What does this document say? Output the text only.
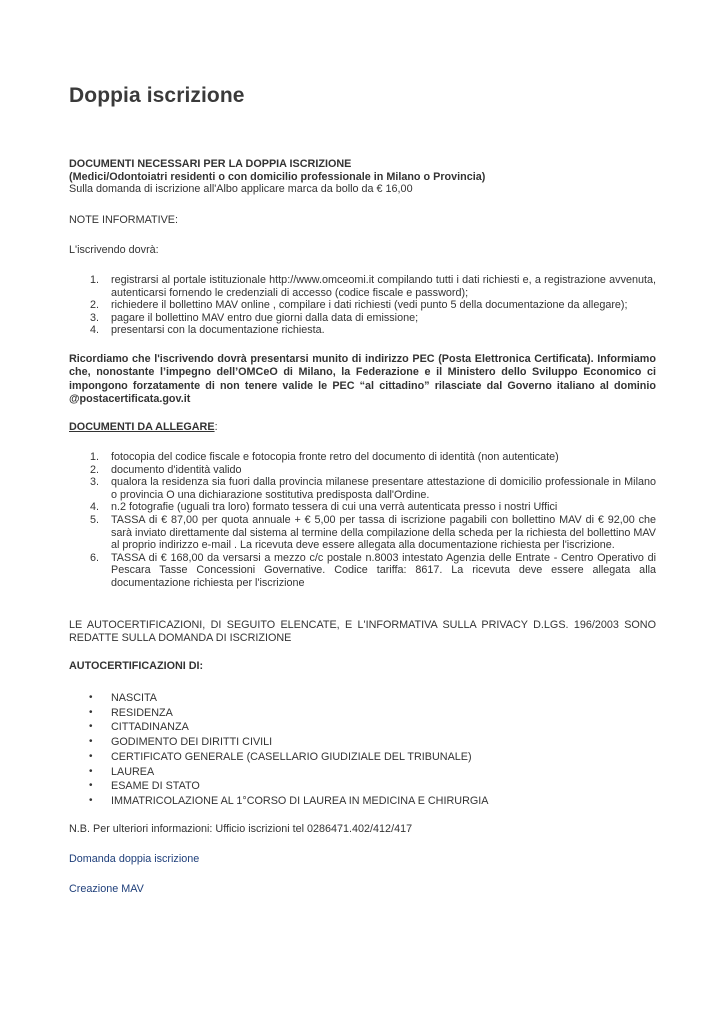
Doppia iscrizione

DOCUMENTI NECESSARI PER LA DOPPIA ISCRIZIONE

(Medici/Odontoiatri residenti o con domicilio professionale in Milano o Provincia)

Sulla domanda di iscrizione all'Albo applicare marca da bollo da € 16,00

NOTE INFORMATIVE:

L'iscrivendo dovrà:

1. registrarsi al portale istituzionale http://www.omceomi.it compilando tutti i dati richiesti e, a registrazione avvenuta, autenticarsi fornendo le credenziali di accesso (codice fiscale e password);
2. richiedere il bollettino MAV online , compilare i dati richiesti (vedi punto 5 della documentazione da allegare);
3. pagare il bollettino MAV entro due giorni dalla data di emissione;
4. presentarsi con la documentazione richiesta.

Ricordiamo che l'iscrivendo dovrà presentarsi munito di indirizzo PEC (Posta Elettronica Certificata). Informiamo che, nonostante l’impegno dell’OMCeO di Milano, la Federazione e il Ministero dello Sviluppo Economico ci impongono forzatamente di non tenere valide le PEC “al cittadino” rilasciate dal Governo italiano al dominio @postacertificata.gov.it

DOCUMENTI DA ALLEGARE:

1. fotocopia del codice fiscale e fotocopia fronte retro del documento di identità (non autenticate)
2. documento d'identità valido
3. qualora la residenza sia fuori dalla provincia milanese presentare attestazione di domicilio professionale in Milano o provincia O una dichiarazione sostitutiva predisposta dall'Ordine.
4. n.2 fotografie (uguali tra loro) formato tessera di cui una verrà autenticata presso i nostri Uffici
5. TASSA di € 87,00 per quota annuale + € 5,00 per tassa di iscrizione pagabili con bollettino MAV di € 92,00 che sarà inviato direttamente dal sistema al termine della compilazione della scheda per la richiesta del bollettino MAV al proprio indirizzo e-mail . La ricevuta deve essere allegata alla documentazione richiesta per l'iscrizione.
6. TASSA di € 168,00 da versarsi a mezzo c/c postale n.8003 intestato Agenzia delle Entrate - Centro Operativo di Pescara Tasse Concessioni Governative. Codice tariffa: 8617. La ricevuta deve essere allegata alla documentazione richiesta per l'iscrizione

LE AUTOCERTIFICAZIONI, DI SEGUITO ELENCATE, E L'INFORMATIVA SULLA PRIVACY D.LGS. 196/2003 SONO REDATTE SULLA DOMANDA DI ISCRIZIONE

AUTOCERTIFICAZIONI DI:

• NASCITA
• RESIDENZA
• CITTADINANZA
• GODIMENTO DEI DIRITTI CIVILI
• CERTIFICATO GENERALE (CASELLARIO GIUDIZIALE DEL TRIBUNALE)
• LAUREA
• ESAME DI STATO
• IMMATRICOLAZIONE AL 1°CORSO DI LAUREA IN MEDICINA E CHIRURGIA

N.B. Per ulteriori informazioni: Ufficio iscrizioni tel 0286471.402/412/417

Domanda doppia iscrizione

Creazione MAV
